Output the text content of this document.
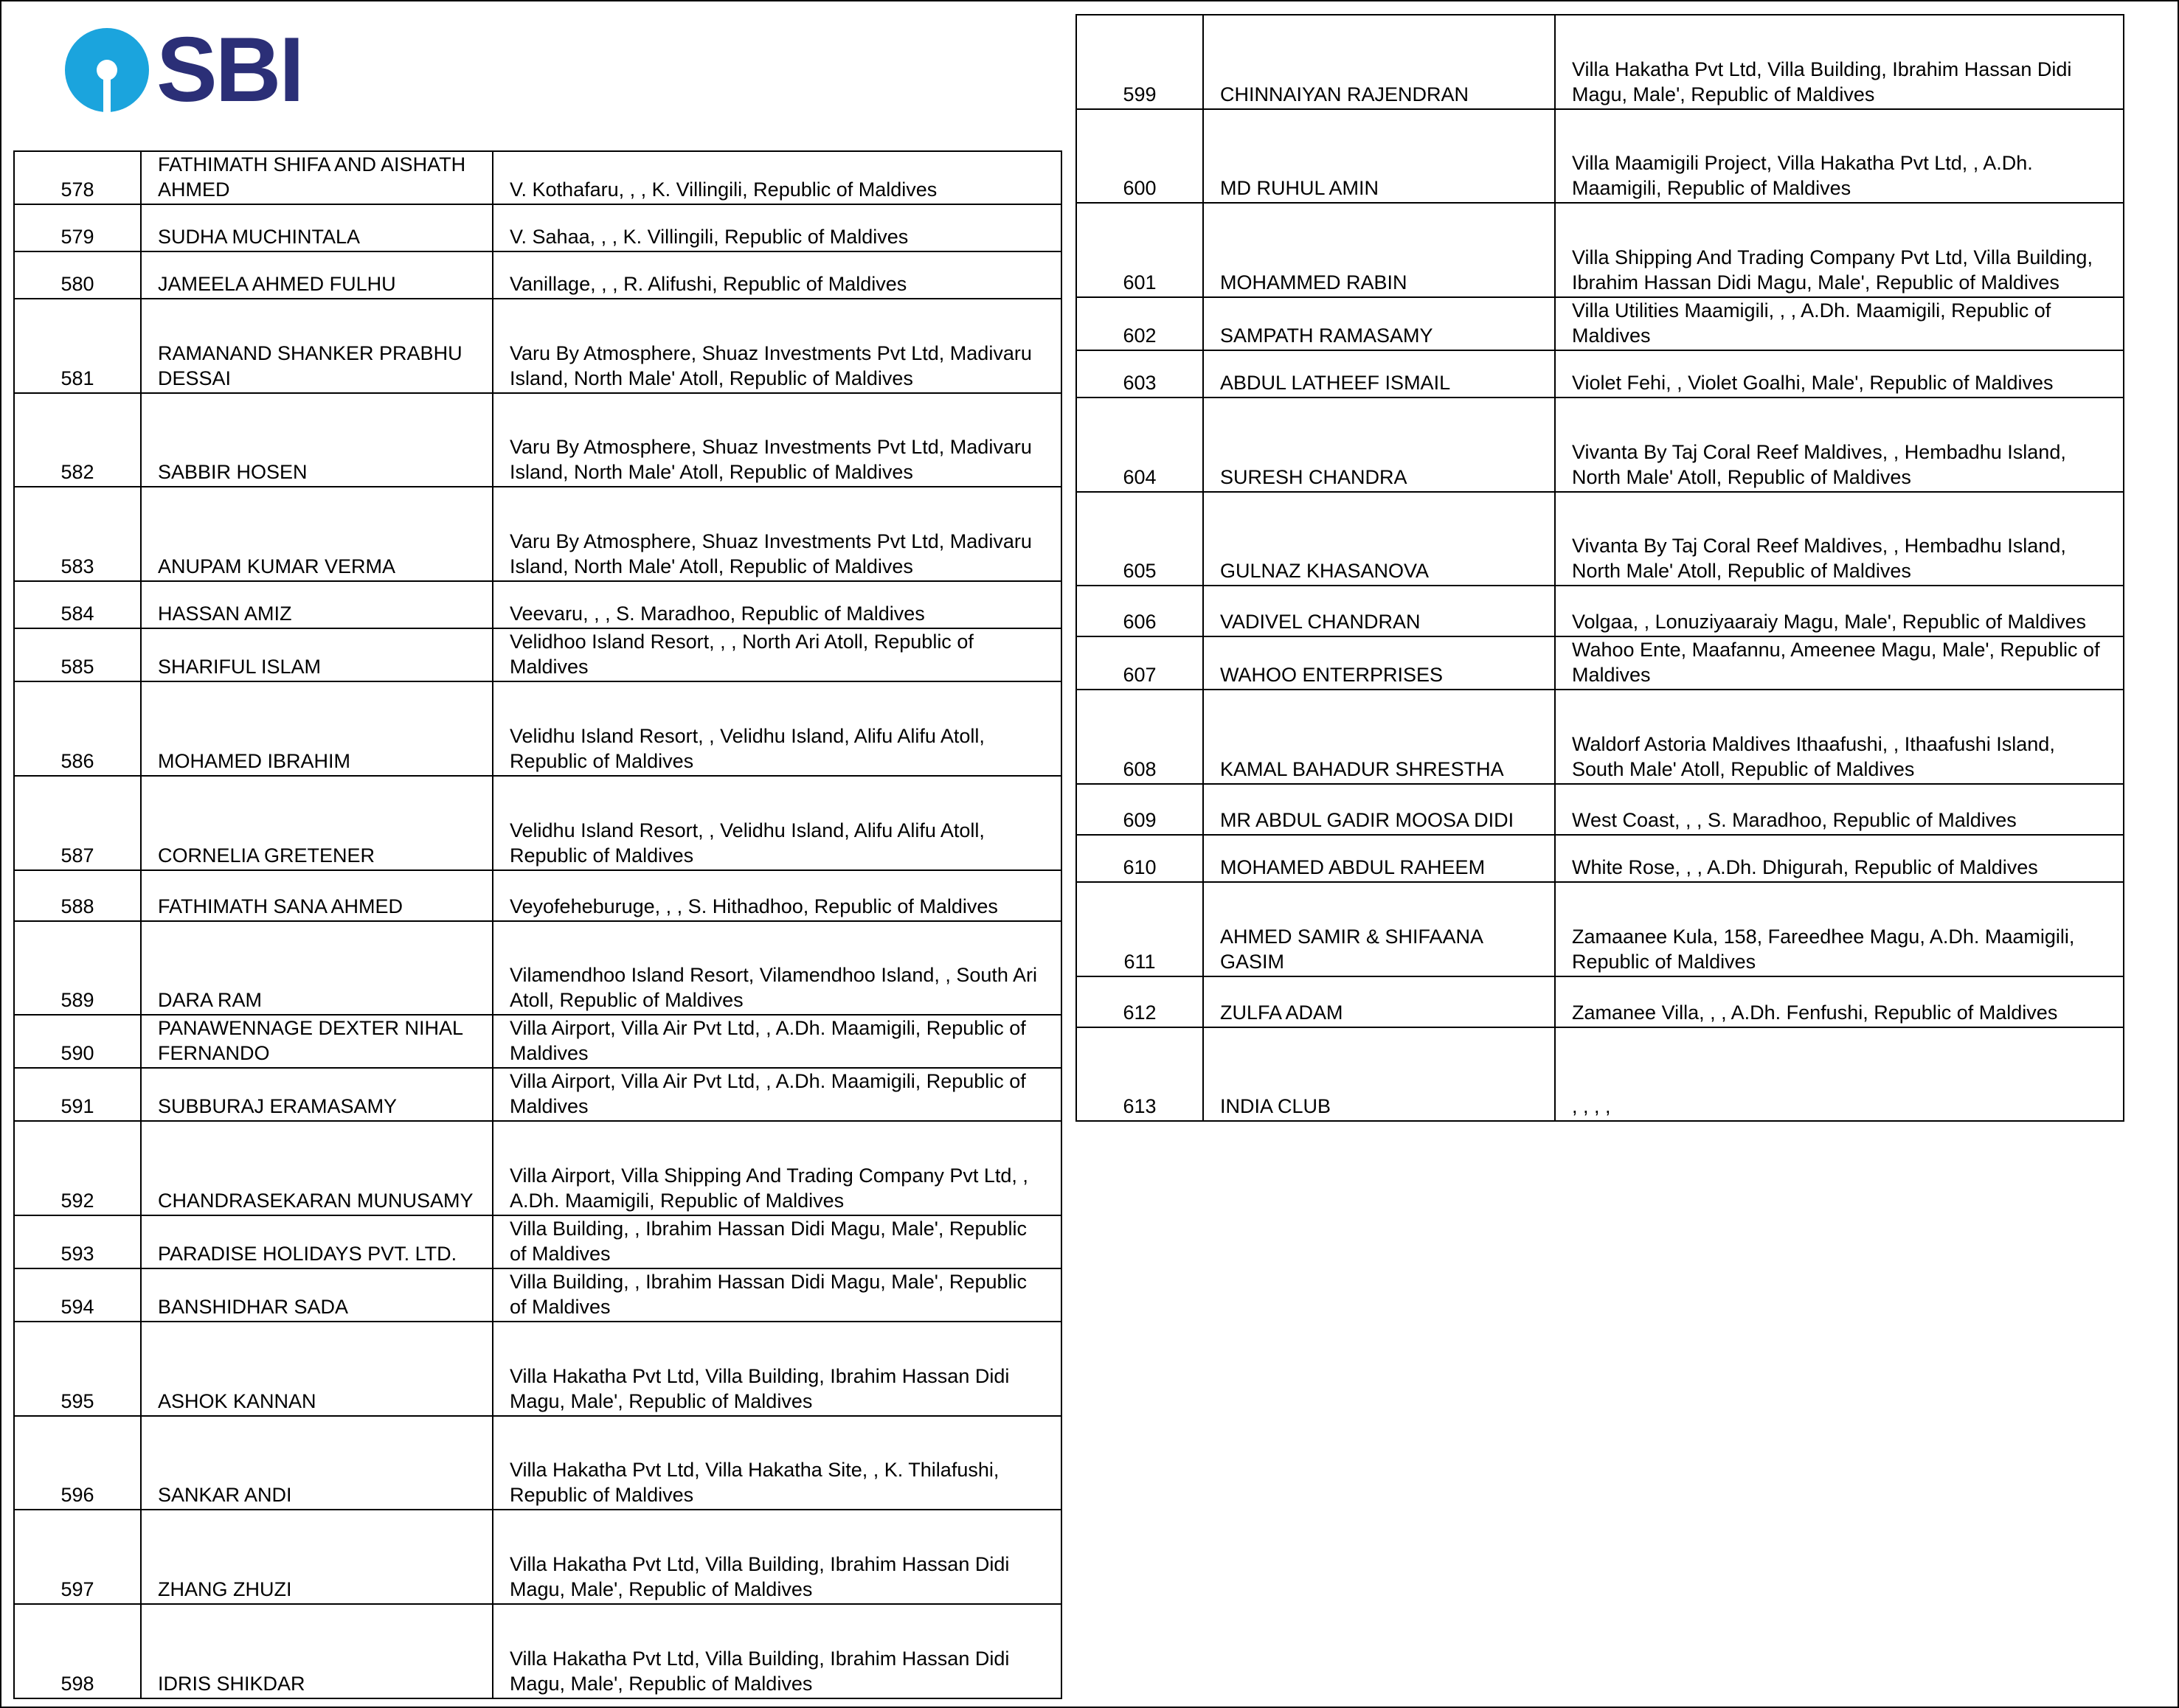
SBI
578	FATHIMATH SHIFA AND AISHATH AHMED	V. Kothafaru, , , K. Villingili, Republic of Maldives
579	SUDHA MUCHINTALA	V. Sahaa, , , K. Villingili, Republic of Maldives
580	JAMEELA AHMED FULHU	Vanillage, , , R. Alifushi, Republic of Maldives
581	RAMANAND SHANKER PRABHU DESSAI	Varu By Atmosphere, Shuaz Investments Pvt Ltd, Madivaru Island, North Male' Atoll, Republic of Maldives
582	SABBIR HOSEN	Varu By Atmosphere, Shuaz Investments Pvt Ltd, Madivaru Island, North Male' Atoll, Republic of Maldives
583	ANUPAM KUMAR VERMA	Varu By Atmosphere, Shuaz Investments Pvt Ltd, Madivaru Island, North Male' Atoll, Republic of Maldives
584	HASSAN AMIZ	Veevaru, , , S. Maradhoo, Republic of Maldives
585	SHARIFUL ISLAM	Velidhoo Island Resort, , , North Ari Atoll, Republic of Maldives
586	MOHAMED IBRAHIM	Velidhu Island Resort, , Velidhu Island, Alifu Alifu Atoll, Republic of Maldives
587	CORNELIA GRETENER	Velidhu Island Resort, , Velidhu Island, Alifu Alifu Atoll, Republic of Maldives
588	FATHIMATH SANA AHMED	Veyofeheburuge, , , S. Hithadhoo, Republic of Maldives
589	DARA RAM	Vilamendhoo Island Resort, Vilamendhoo Island, , South Ari Atoll, Republic of Maldives
590	PANAWENNAGE DEXTER NIHAL FERNANDO	Villa Airport, Villa Air Pvt Ltd, , A.Dh. Maamigili, Republic of Maldives
591	SUBBURAJ ERAMASAMY	Villa Airport, Villa Air Pvt Ltd, , A.Dh. Maamigili, Republic of Maldives
592	CHANDRASEKARAN MUNUSAMY	Villa Airport, Villa Shipping And Trading Company Pvt Ltd, , A.Dh. Maamigili, Republic of Maldives
593	PARADISE HOLIDAYS PVT. LTD.	Villa Building, , Ibrahim Hassan Didi Magu, Male', Republic of Maldives
594	BANSHIDHAR SADA	Villa Building, , Ibrahim Hassan Didi Magu, Male', Republic of Maldives
595	ASHOK KANNAN	Villa Hakatha Pvt Ltd, Villa Building, Ibrahim Hassan Didi Magu, Male', Republic of Maldives
596	SANKAR ANDI	Villa Hakatha Pvt Ltd, Villa Hakatha Site, , K. Thilafushi, Republic of Maldives
597	ZHANG ZHUZI	Villa Hakatha Pvt Ltd, Villa Building, Ibrahim Hassan Didi Magu, Male', Republic of Maldives
598	IDRIS SHIKDAR	Villa Hakatha Pvt Ltd, Villa Building, Ibrahim Hassan Didi Magu, Male', Republic of Maldives
599	CHINNAIYAN RAJENDRAN	Villa Hakatha Pvt Ltd, Villa Building, Ibrahim Hassan Didi Magu, Male', Republic of Maldives
600	MD RUHUL AMIN	Villa Maamigili Project, Villa Hakatha Pvt Ltd, , A.Dh. Maamigili, Republic of Maldives
601	MOHAMMED RABIN	Villa Shipping And Trading Company Pvt Ltd, Villa Building, Ibrahim Hassan Didi Magu, Male', Republic of Maldives
602	SAMPATH RAMASAMY	Villa Utilities Maamigili, , , A.Dh. Maamigili, Republic of Maldives
603	ABDUL LATHEEF ISMAIL	Violet Fehi, , Violet Goalhi, Male', Republic of Maldives
604	SURESH CHANDRA	Vivanta By Taj Coral Reef Maldives, , Hembadhu Island, North Male' Atoll, Republic of Maldives
605	GULNAZ KHASANOVA	Vivanta By Taj Coral Reef Maldives, , Hembadhu Island, North Male' Atoll, Republic of Maldives
606	VADIVEL CHANDRAN	Volgaa, , Lonuziyaaraiy Magu, Male', Republic of Maldives
607	WAHOO ENTERPRISES	Wahoo Ente, Maafannu, Ameenee Magu, Male', Republic of Maldives
608	KAMAL BAHADUR SHRESTHA	Waldorf Astoria Maldives Ithaafushi, , Ithaafushi Island, South Male' Atoll, Republic of Maldives
609	MR ABDUL GADIR MOOSA DIDI	West Coast, , , S. Maradhoo, Republic of Maldives
610	MOHAMED ABDUL RAHEEM	White Rose, , , A.Dh. Dhigurah, Republic of Maldives
611	AHMED SAMIR & SHIFAANA GASIM	Zamaanee Kula, 158, Fareedhee Magu, A.Dh. Maamigili, Republic of Maldives
612	ZULFA ADAM	Zamanee Villa, , , A.Dh. Fenfushi, Republic of Maldives
613	INDIA CLUB	, , , ,
